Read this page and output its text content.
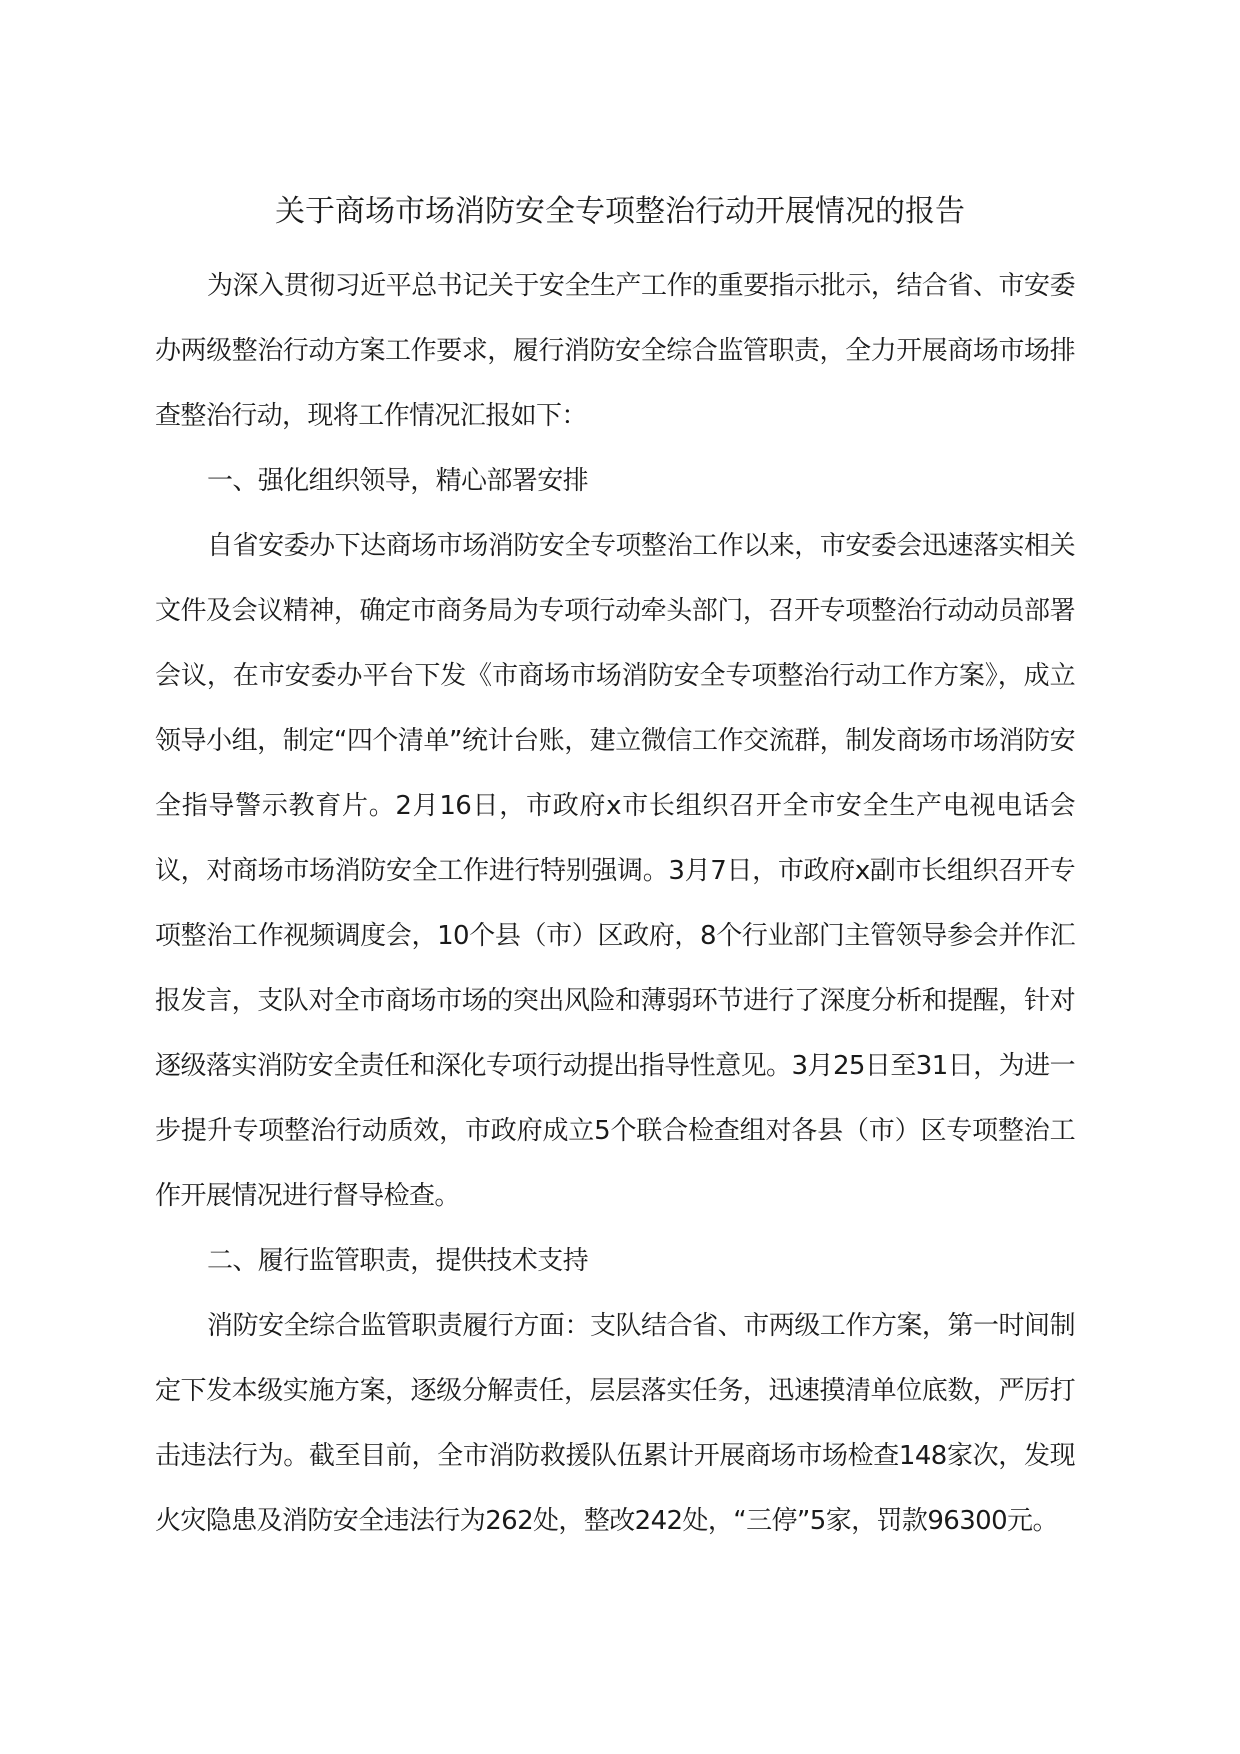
关于商场市场消防安全专项整治行动开展情况的报告

为深入贯彻习近平总书记关于安全生产工作的重要指示批示，结合省、市安委办两级整治行动方案工作要求，履行消防安全综合监管职责，全力开展商场市场排查整治行动，现将工作情况汇报如下：

一、强化组织领导，精心部署安排

自省安委办下达商场市场消防安全专项整治工作以来，市安委会迅速落实相关文件及会议精神，确定市商务局为专项行动牵头部门，召开专项整治行动动员部署会议，在市安委办平台下发《市商场市场消防安全专项整治行动工作方案》，成立领导小组，制定“四个清单”统计台账，建立微信工作交流群，制发商场市场消防安全指导警示教育片。2月16日，市政府x市长组织召开全市安全生产电视电话会议，对商场市场消防安全工作进行特别强调。3月7日，市政府x副市长组织召开专项整治工作视频调度会，10个县（市）区政府，8个行业部门主管领导参会并作汇报发言，支队对全市商场市场的突出风险和薄弱环节进行了深度分析和提醒，针对逐级落实消防安全责任和深化专项行动提出指导性意见。3月25日至31日，为进一步提升专项整治行动质效，市政府成立5个联合检查组对各县（市）区专项整治工作开展情况进行督导检查。

二、履行监管职责，提供技术支持

消防安全综合监管职责履行方面：支队结合省、市两级工作方案，第一时间制定下发本级实施方案，逐级分解责任，层层落实任务，迅速摸清单位底数，严厉打击违法行为。截至目前，全市消防救援队伍累计开展商场市场检查148家次，发现火灾隐患及消防安全违法行为262处，整改242处，“三停”5家，罚款96300元。
